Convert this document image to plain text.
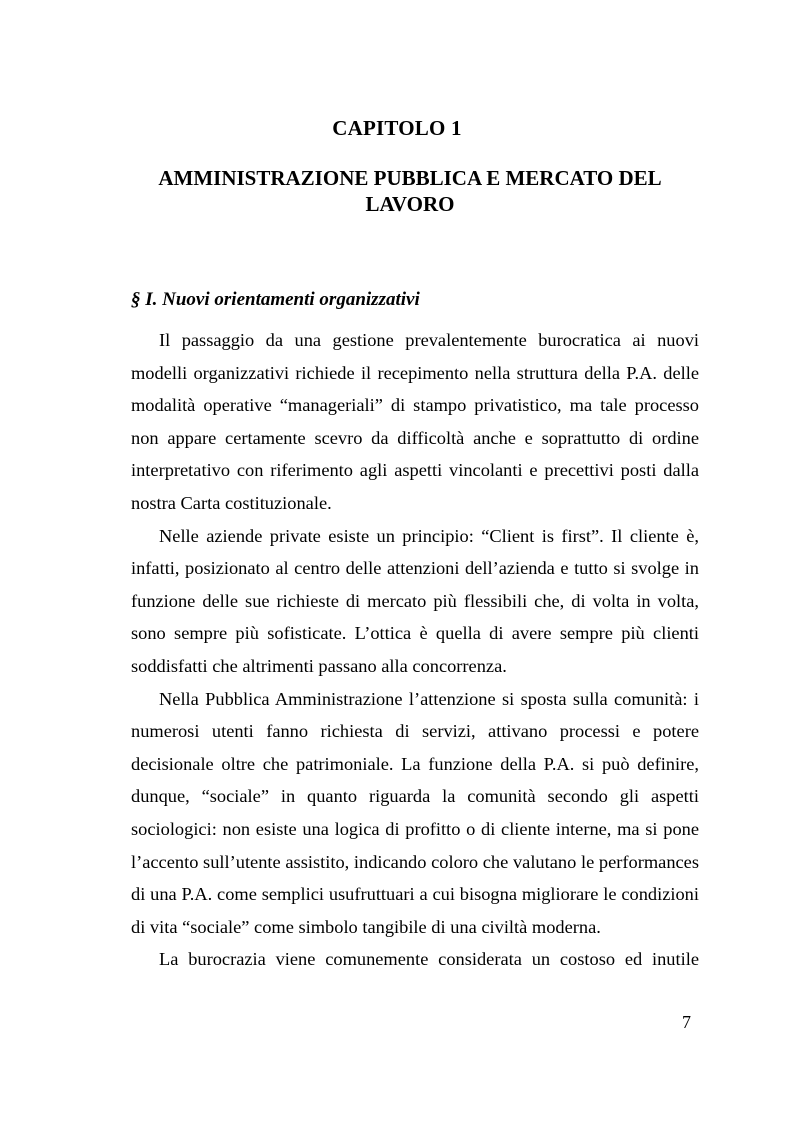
CAPITOLO 1
AMMINISTRAZIONE PUBBLICA E MERCATO DEL LAVORO
§ I. Nuovi orientamenti organizzativi

Il passaggio da una gestione prevalentemente burocratica ai nuovi modelli organizzativi richiede il recepimento nella struttura della P.A. delle modalità operative “manageriali” di stampo privatistico, ma tale processo non appare certamente scevro da difficoltà anche e soprattutto di ordine interpretativo con riferimento agli aspetti vincolanti e precettivi posti dalla nostra Carta costituzionale.

Nelle aziende private esiste un principio: “Client is first”. Il cliente è, infatti, posizionato al centro delle attenzioni dell’azienda e tutto si svolge in funzione delle sue richieste di mercato più flessibili che, di volta in volta, sono sempre più sofisticate. L’ottica è quella di avere sempre più clienti soddisfatti che altrimenti passano alla concorrenza.

Nella Pubblica Amministrazione l’attenzione si sposta sulla comunità: i numerosi utenti fanno richiesta di servizi, attivano processi e potere decisionale oltre che patrimoniale. La funzione della P.A. si può definire, dunque, “sociale” in quanto riguarda la comunità secondo gli aspetti sociologici: non esiste una logica di profitto o di cliente interne, ma si pone l’accento sull’utente assistito, indicando coloro che valutano le performances di una P.A. come semplici usufruttuari a cui bisogna migliorare le condizioni di vita “sociale” come simbolo tangibile di una civiltà moderna.

La burocrazia viene comunemente considerata un costoso ed inutile

7
